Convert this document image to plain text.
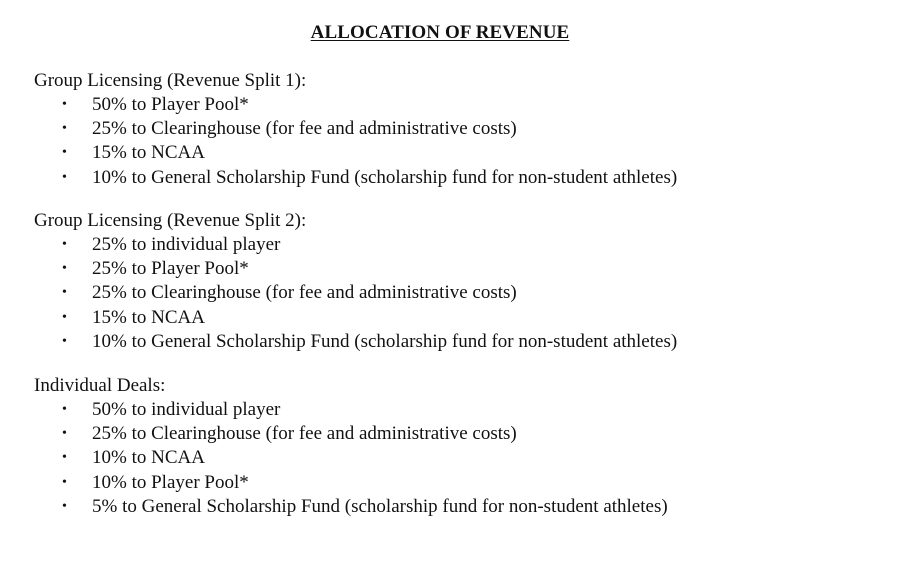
ALLOCATION OF REVENUE

Group Licensing (Revenue Split 1):

• 50% to Player Pool*
• 25% to Clearinghouse (for fee and administrative costs)
• 15% to NCAA
• 10% to General Scholarship Fund (scholarship fund for non-student athletes)

Group Licensing (Revenue Split 2):

• 25% to individual player
• 25% to Player Pool*
• 25% to Clearinghouse (for fee and administrative costs)
• 15% to NCAA
• 10% to General Scholarship Fund (scholarship fund for non-student athletes)

Individual Deals:

• 50% to individual player
• 25% to Clearinghouse (for fee and administrative costs)
• 10% to NCAA
• 10% to Player Pool*
• 5% to General Scholarship Fund (scholarship fund for non-student athletes)
